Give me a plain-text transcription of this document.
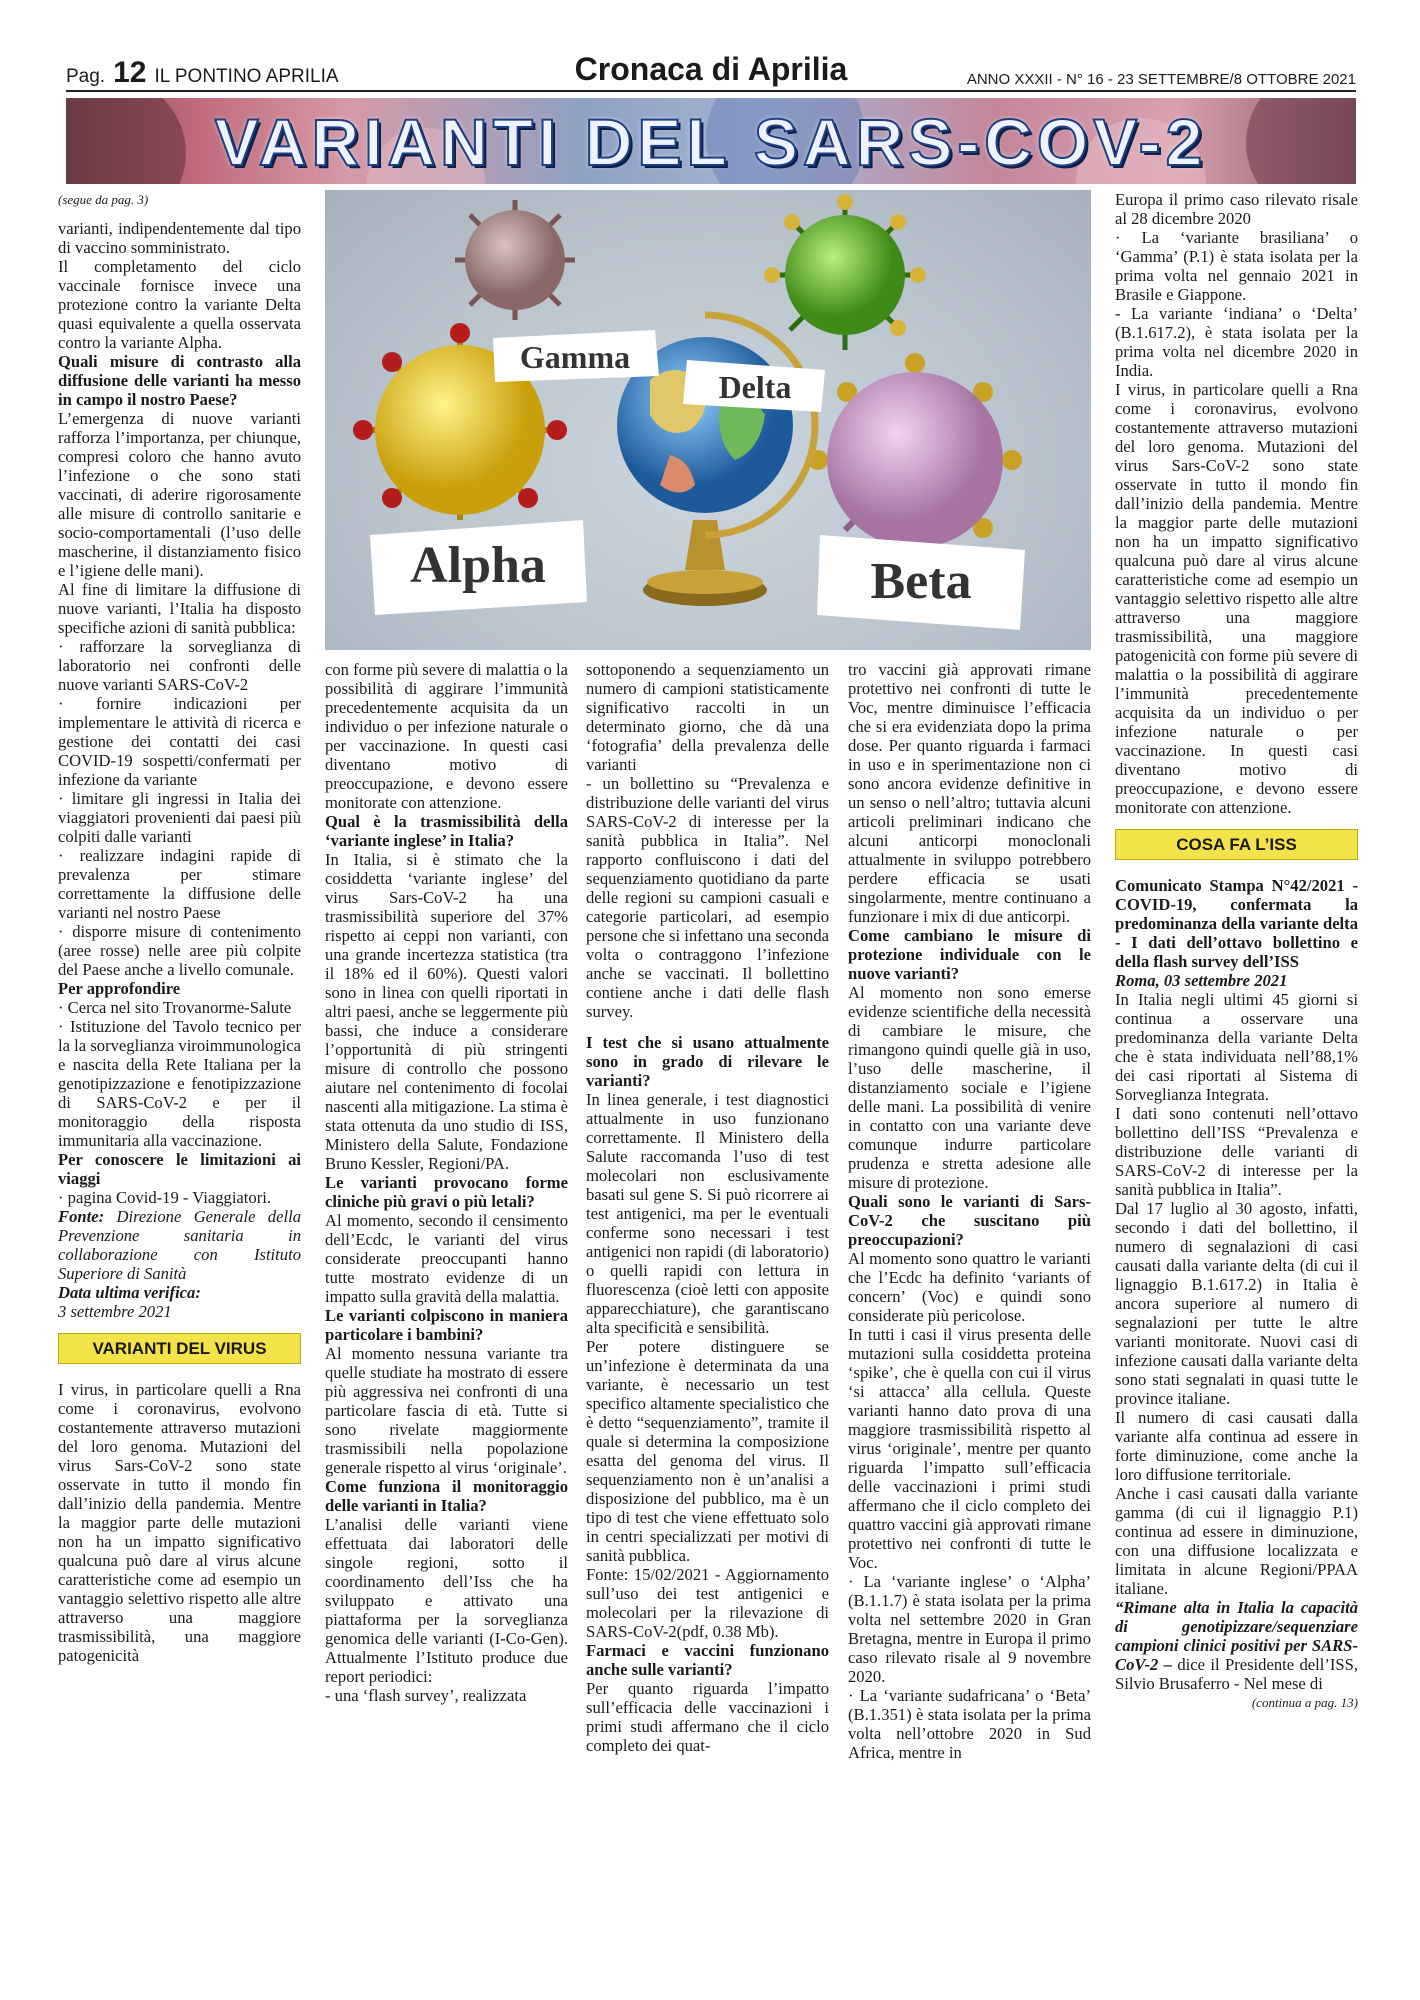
Pag. 12 IL PONTINO APRILIA	Cronaca di Aprilia	ANNO XXXII - N° 16 - 23 SETTEMBRE/8 OTTOBRE 2021
VARIANTI DEL SARS-COV-2
Gamma
Delta
Alpha	Beta

(segue da pag. 3)

varianti, indipendentemente dal tipo di vaccino somministrato.

Il completamento del ciclo vaccinale fornisce invece una protezione contro la variante Delta quasi equivalente a quella osservata contro la variante Alpha.

Quali misure di contrasto alla diffusione delle varianti ha messo in campo il nostro Paese?

L’emergenza di nuove varianti rafforza l’importanza, per chiunque, compresi coloro che hanno avuto l’infezione o che sono stati vaccinati, di aderire rigorosamente alle misure di controllo sanitarie e socio-comportamentali (l’uso delle mascherine, il distanziamento fisico e l’igiene delle mani).

Al fine di limitare la diffusione di nuove varianti, l’Italia ha disposto specifiche azioni di sanità pubblica:

· rafforzare la sorveglianza di laboratorio nei confronti delle nuove varianti SARS-CoV-2

· fornire indicazioni per implementare le attività di ricerca e gestione dei contatti dei casi COVID-19 sospetti/confermati per infezione da variante

· limitare gli ingressi in Italia dei viaggiatori provenienti dai paesi più colpiti dalle varianti

· realizzare indagini rapide di prevalenza per stimare correttamente la diffusione delle varianti nel nostro Paese

· disporre misure di contenimento (aree rosse) nelle aree più colpite del Paese anche a livello comunale.

Per approfondire

· Cerca nel sito Trovanorme-Salute

· Istituzione del Tavolo tecnico per la la sorveglianza viroimmunologica e nascita della Rete Italiana per la genotipizzazione e fenotipizzazione di SARS-CoV-2 e per il monitoraggio della risposta immunitaria alla vaccinazione.

Per conoscere le limitazioni ai viaggi

· pagina Covid-19 - Viaggiatori.

Fonte: Direzione Generale della Prevenzione sanitaria in collaborazione con Istituto Superiore di Sanità

Data ultima verifica:

3 settembre 2021

VARIANTI DEL VIRUS

I virus, in particolare quelli a Rna come i coronavirus, evolvono costantemente attraverso mutazioni del loro genoma. Mutazioni del virus Sars-CoV-2 sono state osservate in tutto il mondo fin dall’inizio della pandemia. Mentre la maggior parte delle mutazioni non ha un impatto significativo qualcuna può dare al virus alcune caratteristiche come ad esempio un vantaggio selettivo rispetto alle altre attraverso una maggiore trasmissibilità, una maggiore patogenicità

con forme più severe di malattia o la possibilità di aggirare l’immunità precedentemente acquisita da un individuo o per infezione naturale o per vaccinazione. In questi casi diventano motivo di preoccupazione, e devono essere monitorate con attenzione.

Qual è la trasmissibilità della ‘variante inglese’ in Italia?

In Italia, si è stimato che la cosiddetta ‘variante inglese’ del virus Sars-CoV-2 ha una trasmissibilità superiore del 37% rispetto ai ceppi non varianti, con una grande incertezza statistica (tra il 18% ed il 60%). Questi valori sono in linea con quelli riportati in altri paesi, anche se leggermente più bassi, che induce a considerare l’opportunità di più stringenti misure di controllo che possono aiutare nel contenimento di focolai nascenti alla mitigazione. La stima è stata ottenuta da uno studio di ISS, Ministero della Salute, Fondazione Bruno Kessler, Regioni/PA.

Le varianti provocano forme cliniche più gravi o più letali?

Al momento, secondo il censimento dell’Ecdc, le varianti del virus considerate preoccupanti hanno tutte mostrato evidenze di un impatto sulla gravità della malattia.

Le varianti colpiscono in maniera particolare i bambini?

Al momento nessuna variante tra quelle studiate ha mostrato di essere più aggressiva nei confronti di una particolare fascia di età. Tutte si sono rivelate maggiormente trasmissibili nella popolazione generale rispetto al virus ‘originale’.

Come funziona il monitoraggio delle varianti in Italia?

L’analisi delle varianti viene effettuata dai laboratori delle singole regioni, sotto il coordinamento dell’Iss che ha sviluppato e attivato una piattaforma per la sorveglianza genomica delle varianti (I-Co-Gen). Attualmente l’Istituto produce due report periodici:

- una ‘flash survey’, realizzata

sottoponendo a sequenziamento un numero di campioni statisticamente significativo raccolti in un determinato giorno, che dà una ‘fotografia’ della prevalenza delle varianti

- un bollettino su “Prevalenza e distribuzione delle varianti del virus SARS-CoV-2 di interesse per la sanità pubblica in Italia”. Nel rapporto confluiscono i dati del sequenziamento quotidiano da parte delle regioni su campioni casuali e categorie particolari, ad esempio persone che si infettano una seconda volta o contraggono l’infezione anche se vaccinati. Il bollettino contiene anche i dati delle flash survey.

I test che si usano attualmente sono in grado di rilevare le varianti?

In linea generale, i test diagnostici attualmente in uso funzionano correttamente. Il Ministero della Salute raccomanda l’uso di test molecolari non esclusivamente basati sul gene S. Si può ricorrere ai test antigenici, ma per le eventuali conferme sono necessari i test antigenici non rapidi (di laboratorio) o quelli rapidi con lettura in fluorescenza (cioè letti con apposite apparecchiature), che garantiscano alta specificità e sensibilità.

Per potere distinguere se un’infezione è determinata da una variante, è necessario un test specifico altamente specialistico che è detto “sequenziamento”, tramite il quale si determina la composizione esatta del genoma del virus. Il sequenziamento non è un’analisi a disposizione del pubblico, ma è un tipo di test che viene effettuato solo in centri specializzati per motivi di sanità pubblica.

Fonte: 15/02/2021 - Aggiornamento sull’uso dei test antigenici e molecolari per la rilevazione di SARS-CoV-2(pdf, 0.38 Mb).

Farmaci e vaccini funzionano anche sulle varianti?

Per quanto riguarda l’impatto sull’efficacia delle vaccinazioni i primi studi affermano che il ciclo completo dei quat-

tro vaccini già approvati rimane protettivo nei confronti di tutte le Voc, mentre diminuisce l’efficacia che si era evidenziata dopo la prima dose. Per quanto riguarda i farmaci in uso e in sperimentazione non ci sono ancora evidenze definitive in un senso o nell’altro; tuttavia alcuni articoli preliminari indicano che alcuni anticorpi monoclonali attualmente in sviluppo potrebbero perdere efficacia se usati singolarmente, mentre continuano a funzionare i mix di due anticorpi.

Come cambiano le misure di protezione individuale con le nuove varianti?

Al momento non sono emerse evidenze scientifiche della necessità di cambiare le misure, che rimangono quindi quelle già in uso, l’uso delle mascherine, il distanziamento sociale e l’igiene delle mani. La possibilità di venire in contatto con una variante deve comunque indurre particolare prudenza e stretta adesione alle misure di protezione.

Quali sono le varianti di Sars-CoV-2 che suscitano più preoccupazioni?

Al momento sono quattro le varianti che l’Ecdc ha definito ‘variants of concern’ (Voc) e quindi sono considerate più pericolose.

In tutti i casi il virus presenta delle mutazioni sulla cosiddetta proteina ‘spike’, che è quella con cui il virus ‘si attacca’ alla cellula. Queste varianti hanno dato prova di una maggiore trasmissibilità rispetto al virus ‘originale’, mentre per quanto riguarda l’impatto sull’efficacia delle vaccinazioni i primi studi affermano che il ciclo completo dei quattro vaccini già approvati rimane protettivo nei confronti di tutte le Voc.

· La ‘variante inglese’ o ‘Alpha’ (B.1.1.7) è stata isolata per la prima volta nel settembre 2020 in Gran Bretagna, mentre in Europa il primo caso rilevato risale al 9 novembre 2020.

· La ‘variante sudafricana’ o ‘Beta’ (B.1.351) è stata isolata per la prima volta nell’ottobre 2020 in Sud Africa, mentre in

Europa il primo caso rilevato risale al 28 dicembre 2020

· La ‘variante brasiliana’ o ‘Gamma’ (P.1) è stata isolata per la prima volta nel gennaio 2021 in Brasile e Giappone.

- La variante ‘indiana’ o ‘Delta’ (B.1.617.2), è stata isolata per la prima volta nel dicembre 2020 in India.

I virus, in particolare quelli a Rna come i coronavirus, evolvono costantemente attraverso mutazioni del loro genoma. Mutazioni del virus Sars-CoV-2 sono state osservate in tutto il mondo fin dall’inizio della pandemia. Mentre la maggior parte delle mutazioni non ha un impatto significativo qualcuna può dare al virus alcune caratteristiche come ad esempio un vantaggio selettivo rispetto alle altre attraverso una maggiore trasmissibilità, una maggiore patogenicità con forme più severe di malattia o la possibilità di aggirare l’immunità precedentemente acquisita da un individuo o per infezione naturale o per vaccinazione. In questi casi diventano motivo di preoccupazione, e devono essere monitorate con attenzione.

COSA FA L’ISS

Comunicato Stampa N°42/2021 - COVID-19, confermata la predominanza della variante delta - I dati dell’ottavo bollettino e della flash survey dell’ISS

Roma, 03 settembre 2021

In Italia negli ultimi 45 giorni si continua a osservare una predominanza della variante Delta che è stata individuata nell’88,1% dei casi riportati al Sistema di Sorveglianza Integrata.

I dati sono contenuti nell’ottavo bollettino dell’ISS “Prevalenza e distribuzione delle varianti di SARS-CoV-2 di interesse per la sanità pubblica in Italia”.

Dal 17 luglio al 30 agosto, infatti, secondo i dati del bollettino, il numero di segnalazioni di casi causati dalla variante delta (di cui il lignaggio B.1.617.2) in Italia è ancora superiore al numero di segnalazioni per tutte le altre varianti monitorate. Nuovi casi di infezione causati dalla variante delta sono stati segnalati in quasi tutte le province italiane.

Il numero di casi causati dalla variante alfa continua ad essere in forte diminuzione, come anche la loro diffusione territoriale.

Anche i casi causati dalla variante gamma (di cui il lignaggio P.1) continua ad essere in diminuzione, con una diffusione localizzata e limitata in alcune Regioni/PPAA italiane.

“Rimane alta in Italia la capacità di genotipizzare/sequenziare campioni clinici positivi per SARS-CoV-2 – dice il Presidente dell’ISS, Silvio Brusaferro - Nel mese di

(continua a pag. 13)
